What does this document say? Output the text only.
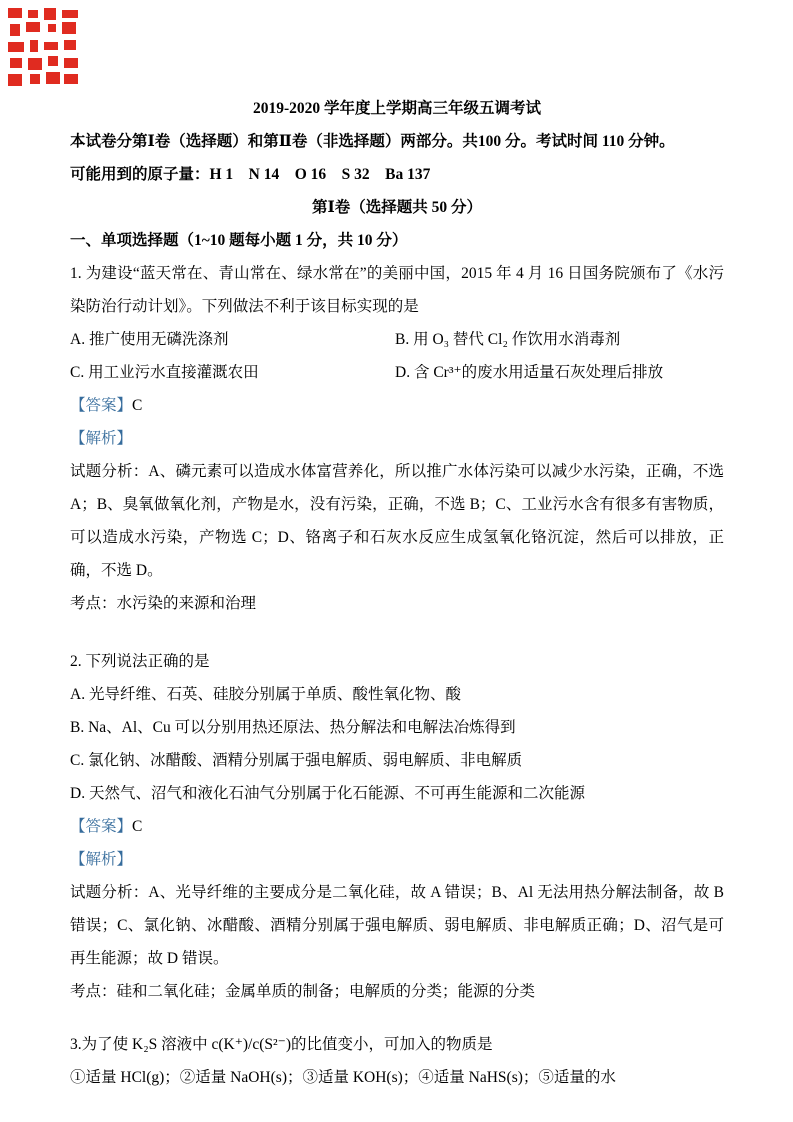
2019-2020 学年度上学期高三年级五调考试

本试卷分第Ⅰ卷（选择题）和第Ⅱ卷（非选择题）两部分。共100 分。考试时间 110 分钟。

可能用到的原子量：H 1　N 14　O 16　S 32　Ba 137

第Ⅰ卷（选择题共 50 分）

一、单项选择题（1~10 题每小题 1 分，共 10 分）

1. 为建设“蓝天常在、青山常在、绿水常在”的美丽中国，2015 年 4 月 16 日国务院颁布了《水污染防治行动计划》。下列做法不利于该目标实现的是

A. 推广使用无磷洗涤剂	B. 用 O₃ 替代 Cl₂ 作饮用水消毒剂

C. 用工业污水直接灌溉农田	D. 含 Cr³⁺的废水用适量石灰处理后排放

【答案】C

【解析】

试题分析：A、磷元素可以造成水体富营养化，所以推广水体污染可以减少水污染，正确，不选 A；B、臭氧做氧化剂，产物是水，没有污染，正确，不选 B；C、工业污水含有很多有害物质，可以造成水污染，产物选 C；D、铬离子和石灰水反应生成氢氧化铬沉淀，然后可以排放，正确，不选 D。

考点：水污染的来源和治理

2. 下列说法正确的是

A. 光导纤维、石英、硅胶分别属于单质、酸性氧化物、酸

B. Na、Al、Cu 可以分别用热还原法、热分解法和电解法冶炼得到

C. 氯化钠、冰醋酸、酒精分别属于强电解质、弱电解质、非电解质

D. 天然气、沼气和液化石油气分别属于化石能源、不可再生能源和二次能源

【答案】C

【解析】

试题分析：A、光导纤维的主要成分是二氧化硅，故 A 错误；B、Al 无法用热分解法制备，故 B 错误；C、氯化钠、冰醋酸、酒精分别属于强电解质、弱电解质、非电解质正确；D、沼气是可再生能源；故 D 错误。

考点：硅和二氧化硅；金属单质的制备；电解质的分类；能源的分类

3.为了使 K₂S 溶液中 c(K⁺)/c(S²⁻)的比值变小，可加入的物质是

①适量 HCl(g)；②适量 NaOH(s)；③适量 KOH(s)；④适量 NaHS(s)；⑤适量的水
